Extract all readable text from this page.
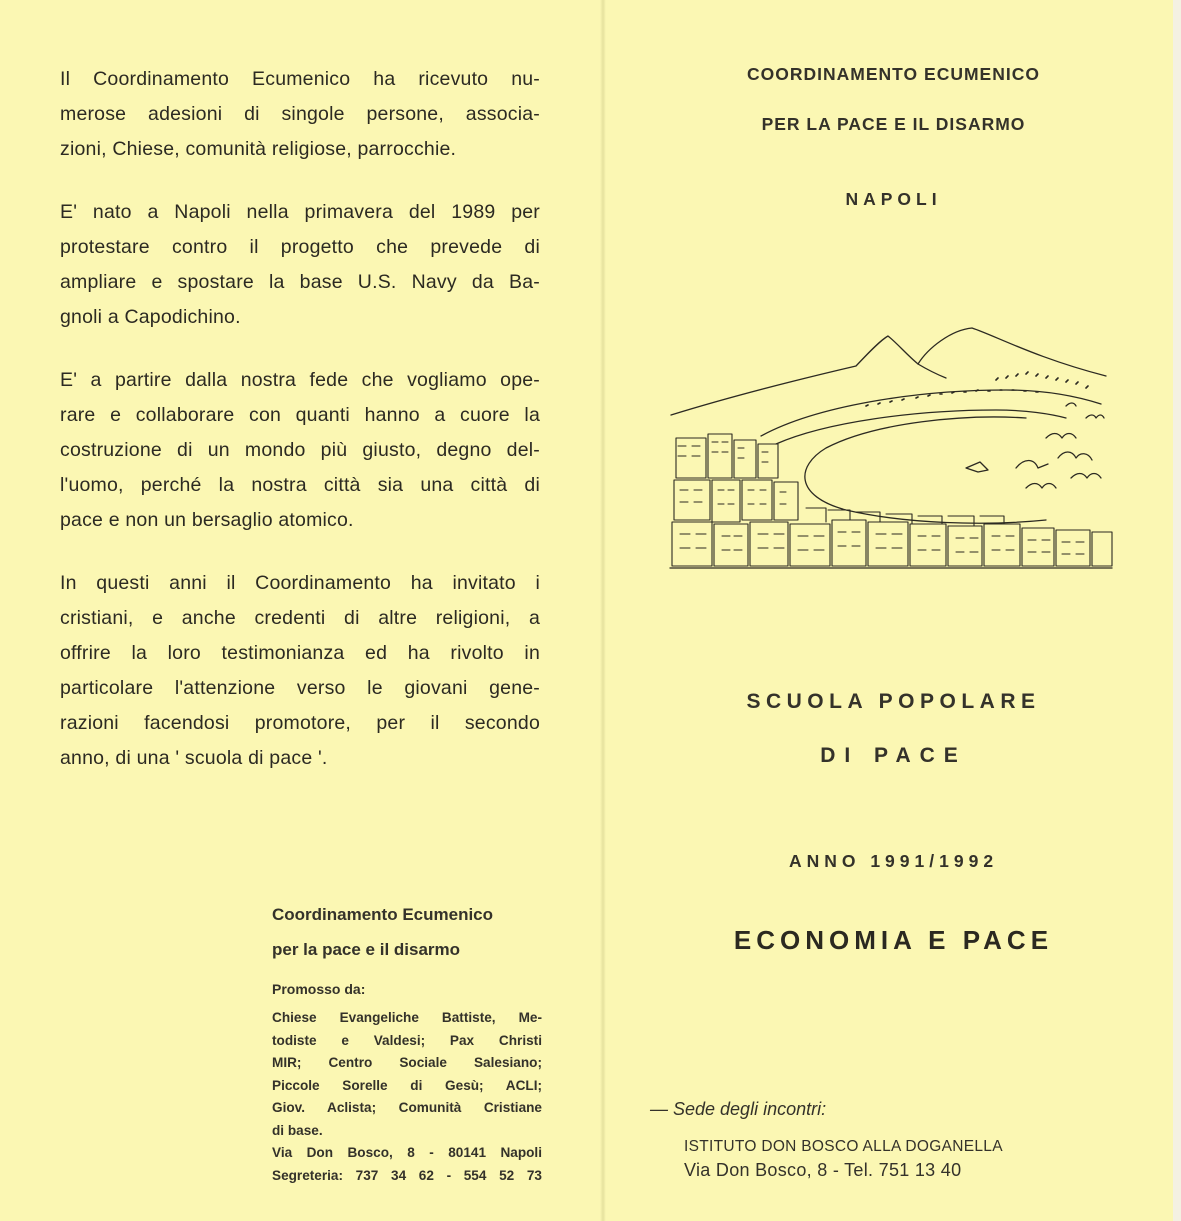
Il Coordinamento Ecumenico ha ricevuto nu-
merose adesioni di singole persone, associa-
zioni, Chiese, comunità religiose, parrocchie.

E' nato a Napoli nella primavera del 1989 per
protestare contro il progetto che prevede di
ampliare e spostare la base U.S. Navy da Ba-
gnoli a Capodichino.

E' a partire dalla nostra fede che vogliamo ope-
rare e collaborare con quanti hanno a cuore la
costruzione di un mondo più giusto, degno del-
l'uomo, perché la nostra città sia una città di
pace e non un bersaglio atomico.

In questi anni il Coordinamento ha invitato i
cristiani, e anche credenti di altre religioni, a
offrire la loro testimonianza ed ha rivolto in
particolare l'attenzione verso le giovani gene-
razioni facendosi promotore, per il secondo
anno, di una ' scuola di pace '.

Coordinamento Ecumenico
per la pace e il disarmo
Promosso da:
Chiese Evangeliche Battiste, Me-
todiste e Valdesi; Pax Christi
MIR; Centro Sociale Salesiano;
Piccole Sorelle di Gesù; ACLI;
Giov. Aclista; Comunità Cristiane
di base.
Via Don Bosco, 8 - 80141 Napoli
Segreteria: 737 34 62 - 554 52 73
COORDINAMENTO ECUMENICO
PER LA PACE E IL DISARMO
NAPOLI
SCUOLA POPOLARE
DI PACE
ANNO 1991/1992
ECONOMIA E PACE
— Sede degli incontri:
ISTITUTO DON BOSCO ALLA DOGANELLA
Via Don Bosco, 8 - Tel. 751 13 40
